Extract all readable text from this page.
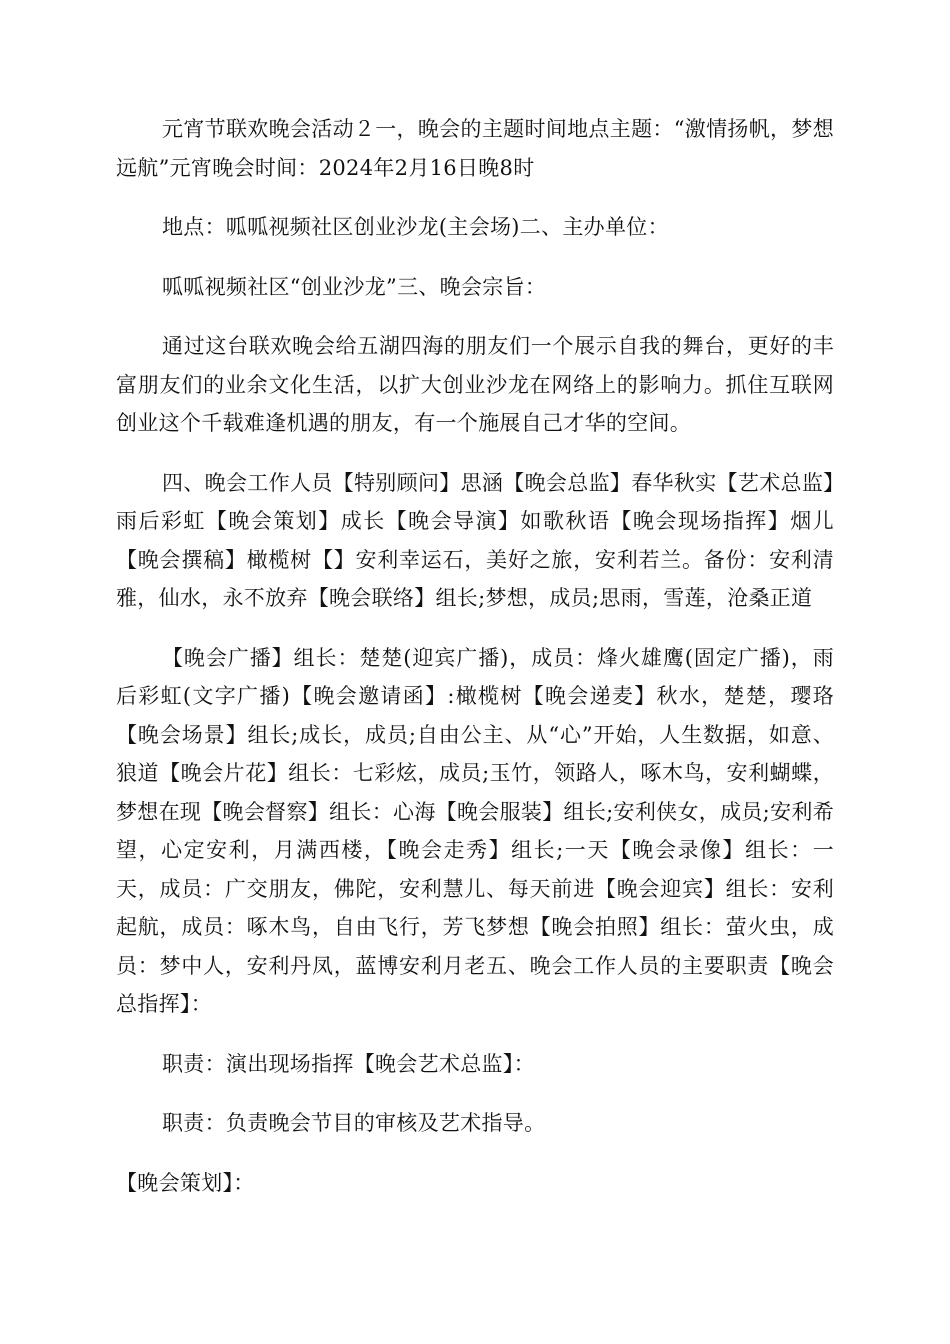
元宵节联欢晚会活动２一，晚会的主题时间地点主题：“激情扬帆，梦想远航”元宵晚会时间：2024年2月16日晚8时

地点：呱呱视频社区创业沙龙(主会场)二、主办单位：

呱呱视频社区“创业沙龙”三、晚会宗旨：

通过这台联欢晚会给五湖四海的朋友们一个展示自我的舞台，更好的丰富朋友们的业余文化生活，以扩大创业沙龙在网络上的影响力。抓住互联网创业这个千载难逢机遇的朋友，有一个施展自己才华的空间。

四、晚会工作人员【特别顾问】思涵【晚会总监】春华秋实【艺术总监】雨后彩虹【晚会策划】成长【晚会导演】如歌秋语【晚会现场指挥】烟儿【晚会撰稿】橄榄树【】安利幸运石，美好之旅，安利若兰。备份：安利清雅，仙水，永不放弃【晚会联络】组长;梦想，成员;思雨，雪莲，沧桑正道

【晚会广播】组长：楚楚(迎宾广播)，成员：烽火雄鹰(固定广播)，雨后彩虹(文字广播)【晚会邀请函】:橄榄树【晚会递麦】秋水，楚楚，璎珞【晚会场景】组长;成长，成员;自由公主、从“心”开始，人生数据，如意、狼道【晚会片花】组长：七彩炫，成员;玉竹，领路人，啄木鸟，安利蝴蝶，梦想在现【晚会督察】组长：心海【晚会服装】组长;安利侠女，成员;安利希望，心定安利，月满西楼，【晚会走秀】组长;一天【晚会录像】组长：一天，成员：广交朋友，佛陀，安利慧儿、每天前进【晚会迎宾】组长：安利起航，成员：啄木鸟，自由飞行，芳飞梦想【晚会拍照】组长：萤火虫，成员：梦中人，安利丹凤，蓝博安利月老五、晚会工作人员的主要职责【晚会总指挥】：

职责：演出现场指挥【晚会艺术总监】：

职责：负责晚会节目的审核及艺术指导。

【晚会策划】：
